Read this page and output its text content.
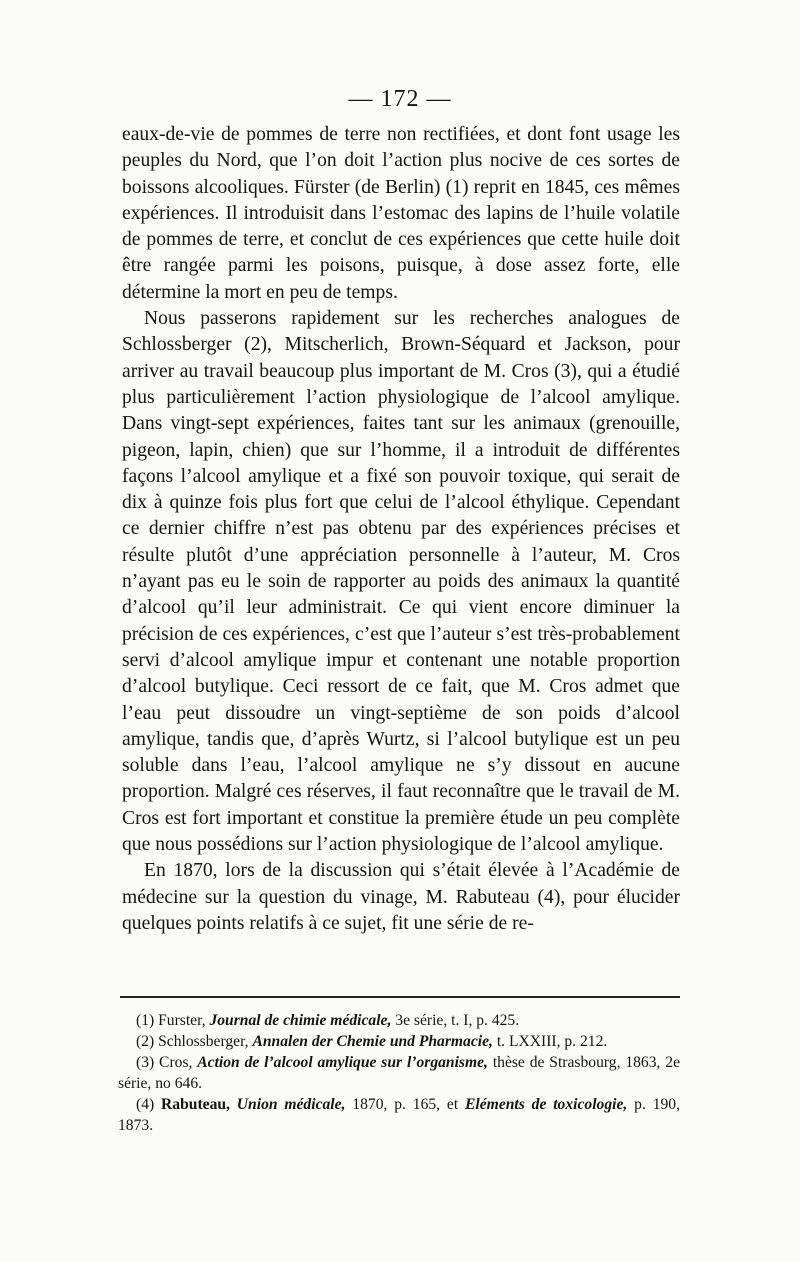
— 172 —

eaux-de-vie de pommes de terre non rectifiées, et dont font usage les peuples du Nord, que l’on doit l’action plus nocive de ces sortes de boissons alcooliques. Fürster (de Berlin) (1) reprit en 1845, ces mêmes expériences. Il introduisit dans l’estomac des lapins de l’huile volatile de pommes de terre, et conclut de ces expériences que cette huile doit être rangée parmi les poisons, puisque, à dose assez forte, elle détermine la mort en peu de temps.

Nous passerons rapidement sur les recherches analogues de Schlossberger (2), Mitscherlich, Brown-Séquard et Jackson, pour arriver au travail beaucoup plus important de M. Cros (3), qui a étudié plus particulièrement l’action physiologique de l’alcool amylique. Dans vingt-sept expériences, faites tant sur les animaux (grenouille, pigeon, lapin, chien) que sur l’homme, il a introduit de différentes façons l’alcool amylique et a fixé son pouvoir toxique, qui serait de dix à quinze fois plus fort que celui de l’alcool éthylique. Cependant ce dernier chiffre n’est pas obtenu par des expériences précises et résulte plutôt d’une appréciation personnelle à l’auteur, M. Cros n’ayant pas eu le soin de rapporter au poids des animaux la quantité d’alcool qu’il leur administrait. Ce qui vient encore diminuer la précision de ces expériences, c’est que l’auteur s’est très-probablement servi d’alcool amylique impur et contenant une notable proportion d’alcool butylique. Ceci ressort de ce fait, que M. Cros admet que l’eau peut dissoudre un vingt-septième de son poids d’alcool amylique, tandis que, d’après Wurtz, si l’alcool butylique est un peu soluble dans l’eau, l’alcool amylique ne s’y dissout en aucune proportion. Malgré ces réserves, il faut reconnaître que le travail de M. Cros est fort important et constitue la première étude un peu complète que nous possédions sur l’action physiologique de l’alcool amylique.

En 1870, lors de la discussion qui s’était élevée à l’Académie de médecine sur la question du vinage, M. Rabuteau (4), pour élucider quelques points relatifs à ce sujet, fit une série de re-

(1) Furster, Journal de chimie médicale, 3e série, t. I, p. 425.

(2) Schlossberger, Annalen der Chemie und Pharmacie, t. LXXIII, p. 212.

(3) Cros, Action de l’alcool amylique sur l’organisme, thèse de Strasbourg, 1863, 2e série, no 646.

(4) Rabuteau, Union médicale, 1870, p. 165, et Eléments de toxicologie, p. 190, 1873.
